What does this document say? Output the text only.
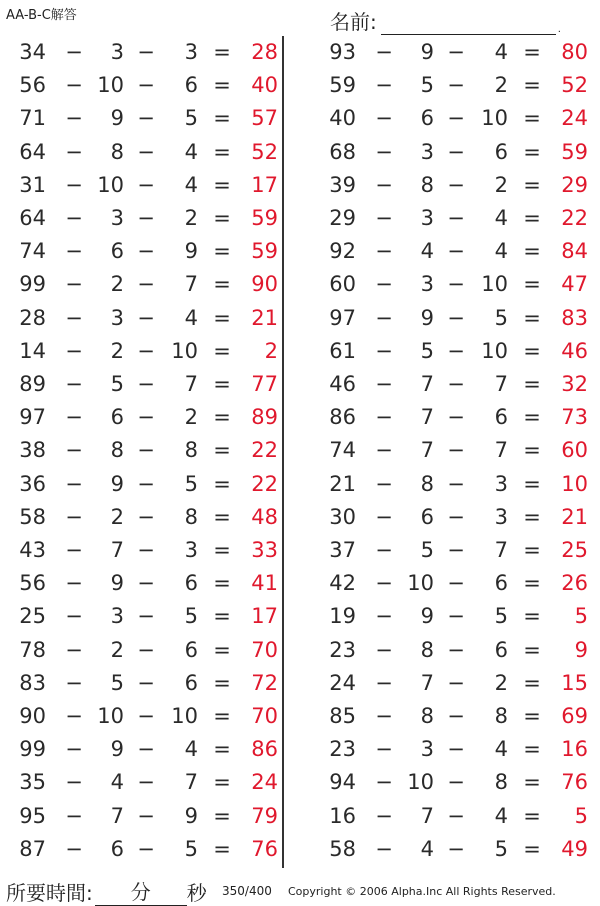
AA-B-C解答	名前:	.
34 −	3 −	3 = 28
56 − 10 −	6 = 40
71 −	9 −	5 = 57
64 −	8 −	4 = 52
31 − 10 −	4 = 17
64 −	3 −	2 = 59
74 −	6 −	9 = 59
99 −	2 −	7 = 90
28 −	3 −	4 = 21
14 −	2 − 10 =	2
89 −	5 −	7 = 77
97 −	6 −	2 = 89
38 −	8 −	8 = 22
36 −	9 −	5 = 22
58 −	2 −	8 = 48
43 −	7 −	3 = 33
56 −	9 −	6 = 41
25 −	3 −	5 = 17
78 −	2 −	6 = 70
83 −	5 −	6 = 72
90 − 10 − 10 = 70
99 −	9 −	4 = 86
35 −	4 −	7 = 24
95 −	7 −	9 = 79
87 −	6 −	5 = 76
93 −	9 −	4 = 80
59 −	5 −	2 = 52
40 −	6 − 10 = 24
68 −	3 −	6 = 59
39 −	8 −	2 = 29
29 −	3 −	4 = 22
92 −	4 −	4 = 84
60 −	3 − 10 = 47
97 −	9 −	5 = 83
61 −	5 − 10 = 46
46 −	7 −	7 = 32
86 −	7 −	6 = 73
74 −	7 −	7 = 60
21 −	8 −	3 = 10
30 −	6 −	3 = 21
37 −	5 −	7 = 25
42 − 10 −	6 = 26
19 −	9 −	5 =	5
23 −	8 −	6 =	9
24 −	7 −	2 = 15
85 −	8 −	8 = 69
23 −	3 −	4 = 16
94 − 10 −	8 = 76
16 −	7 −	4 =	5
58 −	4 −	5 = 49
所要時間:	分	秒 350/400 Copyright © 2006 Alpha.Inc All Rights Reserved.
